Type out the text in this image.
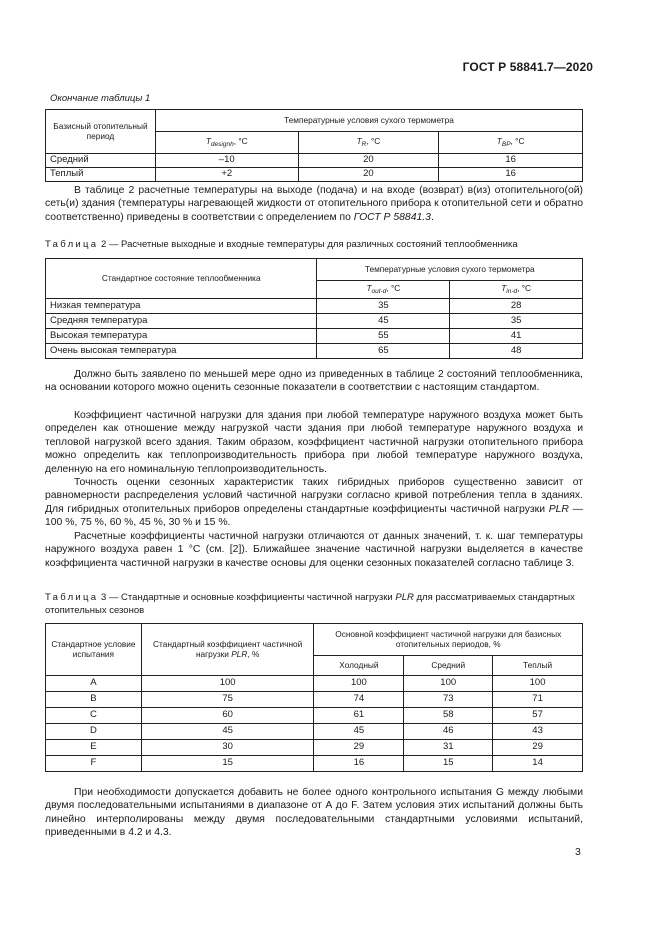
ГОСТ Р 58841.7—2020
Окончание таблицы 1
Базисный отопительный период	Температурные условия сухого термометра		
	$T_{designh}$, °C	$T_R$, °C	$T_{BP}$, °C
Средний	–10	20	16
Теплый	+2	20	16

В таблице 2 расчетные температуры на выходе (подача) и на входе (возврат) в(из) отопительного(ой) сеть(и) здания (температуры нагревающей жидкости от отопительного прибора к отопительной сети и обратно соответственно) приведены в соответствии с определением по ГОСТ Р 58841.3.

Таблица 2 — Расчетные выходные и входные температуры для различных состояний теплообменника
Стандартное состояние теплообменника	Температурные условия сухого термометра	
	$T_{out-d}$, °C	$T_{in-d}$, °C
Низкая температура	35	28
Средняя температура	45	35
Высокая температура	55	41
Очень высокая температура	65	48

Должно быть заявлено по меньшей мере одно из приведенных в таблице 2 состояний теплообменника, на основании которого можно оценить сезонные показатели в соответствии с настоящим стандартом.

Коэффициент частичной нагрузки для здания при любой температуре наружного воздуха может быть определен как отношение между нагрузкой части здания при любой температуре наружного воздуха и тепловой нагрузкой всего здания. Таким образом, коэффициент частичной нагрузки отопительного прибора можно определить как теплопроизводительность прибора при любой температуре наружного воздуха, деленную на его номинальную теплопроизводительность.

Точность оценки сезонных характеристик таких гибридных приборов существенно зависит от равномерности распределения условий частичной нагрузки согласно кривой потребления тепла в зданиях. Для гибридных отопительных приборов определены стандартные коэффициенты частичной нагрузки PLR — 100 %, 75 %, 60 %, 45 %, 30 % и 15 %.

Расчетные коэффициенты частичной нагрузки отличаются от данных значений, т. к. шаг температуры наружного воздуха равен 1 °С (см. [2]). Ближайшее значение частичной нагрузки выделяется в качестве коэффициента частичной нагрузки в качестве основы для оценки сезонных показателей согласно таблице 3.

Таблица 3 — Стандартные и основные коэффициенты частичной нагрузки PLR для рассматриваемых стандартных отопительных сезонов
Стандартное условие испытания	Стандартный коэффициент частичной нагрузки PLR, %	Основной коэффициент частичной нагрузки для базисных отопительных периодов, %		
		Холодный	Средний	Теплый
A	100	100	100	100
B	75	74	73	71
C	60	61	58	57
D	45	45	46	43
E	30	29	31	29
F	15	16	15	14

При необходимости допускается добавить не более одного контрольного испытания G между любыми двумя последовательными испытаниями в диапазоне от А до F. Затем условия этих испытаний должны быть линейно интерполированы между двумя последовательными стандартными условиями испытаний, приведенными в 4.2 и 4.3.

3
